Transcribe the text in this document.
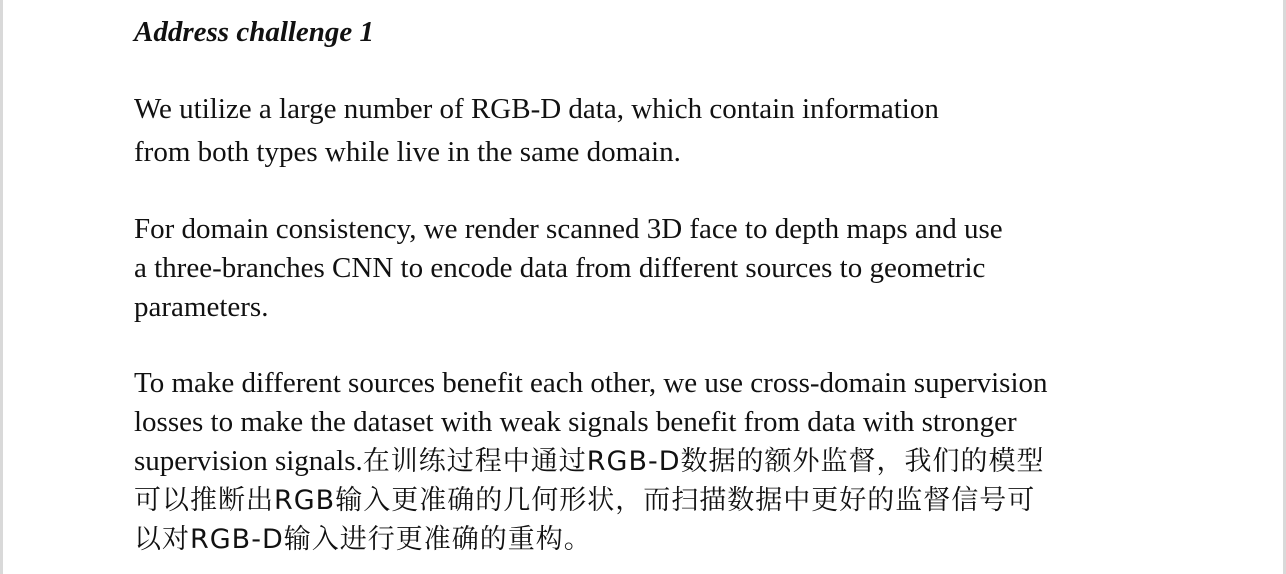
Address challenge 1

We utilize a large number of RGB-D data, which contain information
from both types while live in the same domain.

For domain consistency, we render scanned 3D face to depth maps and use
a three-branches CNN to encode data from different sources to geometric
parameters.

To make different sources benefit each other, we use cross-domain supervision
losses to make the dataset with weak signals benefit from data with stronger
supervision signals.在训练过程中通过RGB-D数据的额外监督，我们的模型
可以推断出RGB输入更准确的几何形状，而扫描数据中更好的监督信号可
以对RGB-D输入进行更准确的重构。
